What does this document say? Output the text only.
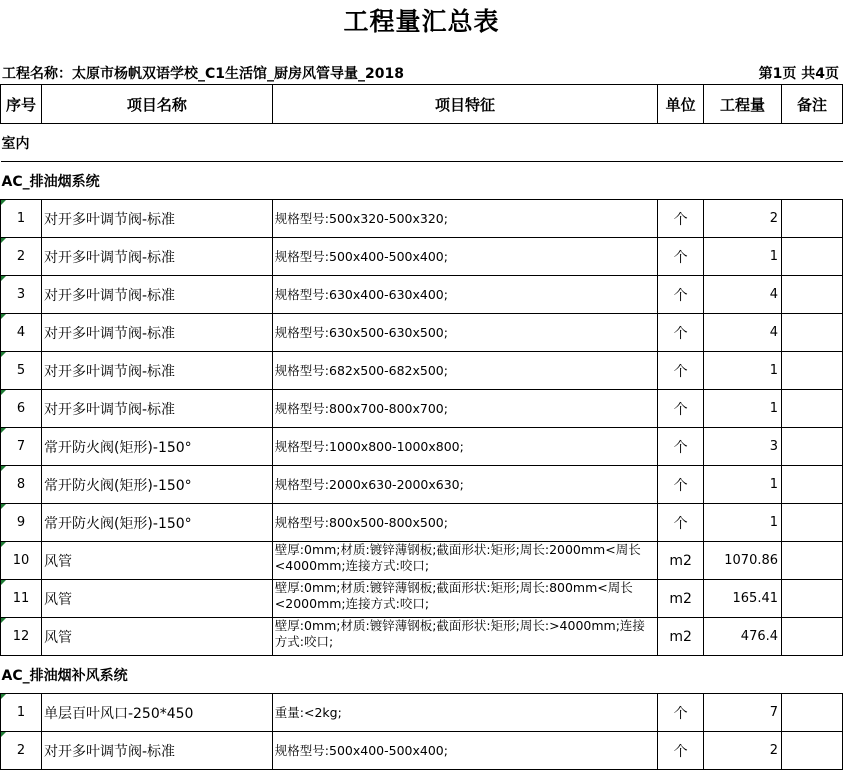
工程量汇总表
工程名称：太原市杨帆双语学校_C1生活馆_厨房风管导量_2018	第1页 共4页
序号	项目名称	项目特征	单位	工程量	备注
室内					
AC_排油烟系统					

1	对开多叶调节阀-标准	规格型号:500x320-500x320;	个	2	

2	对开多叶调节阀-标准	规格型号:500x400-500x400;	个	1	

3	对开多叶调节阀-标准	规格型号:630x400-630x400;	个	4	

4	对开多叶调节阀-标准	规格型号:630x500-630x500;	个	4	

5	对开多叶调节阀-标准	规格型号:682x500-682x500;	个	1	

6	对开多叶调节阀-标准	规格型号:800x700-800x700;	个	1	

7	常开防火阀(矩形)-150°	规格型号:1000x800-1000x800;	个	3	

8	常开防火阀(矩形)-150°	规格型号:2000x630-2000x630;	个	1	

9	常开防火阀(矩形)-150°	规格型号:800x500-800x500;	个	1	

10	风管	壁厚:0mm;材质:镀锌薄钢板;截面形状:矩形;周长:2000mm<周长<4000mm;连接方式:咬口;	m2	1070.86	

11	风管	壁厚:0mm;材质:镀锌薄钢板;截面形状:矩形;周长:800mm<周长<2000mm;连接方式:咬口;	m2	165.41	

12	风管	壁厚:0mm;材质:镀锌薄钢板;截面形状:矩形;周长:>4000mm;连接方式:咬口;	m2	476.4	
AC_排油烟补风系统					

1	单层百叶风口-250*450	重量:<2kg;	个	7	

2	对开多叶调节阀-标准	规格型号:500x400-500x400;	个	2	
